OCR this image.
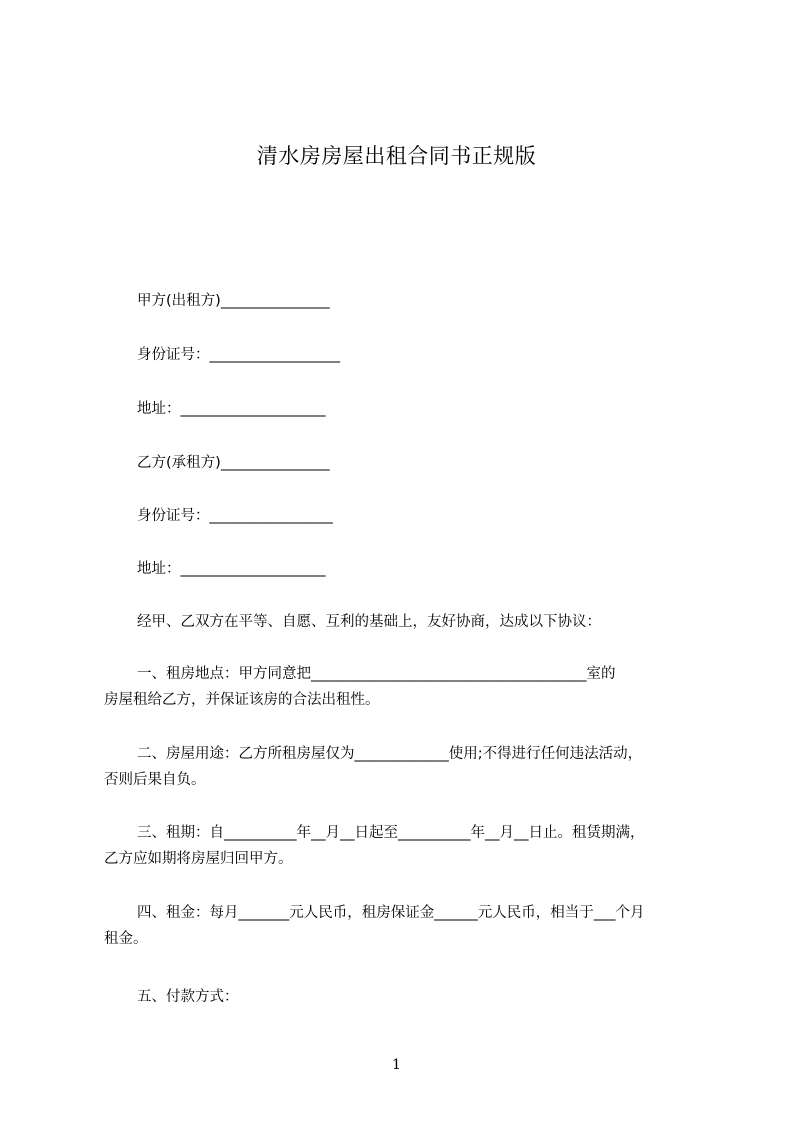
清水房房屋出租合同书正规版
甲方(出租方)_______________
身份证号：__________________
地址：____________________
乙方(承租方)_______________
身份证号：_________________
地址：____________________
经甲、乙双方在平等、自愿、互利的基础上，友好协商，达成以下协议：
一、租房地点：甲方同意把______________________________________室的
房屋租给乙方，并保证该房的合法出租性。
二、房屋用途：乙方所租房屋仅为_____________使用;不得进行任何违法活动，
否则后果自负。
三、租期：自__________年__月__日起至__________年__月__日止。租赁期满，
乙方应如期将房屋归回甲方。
四、租金：每月_______元人民币，租房保证金______元人民币，相当于___个月
租金。
五、付款方式：
1
